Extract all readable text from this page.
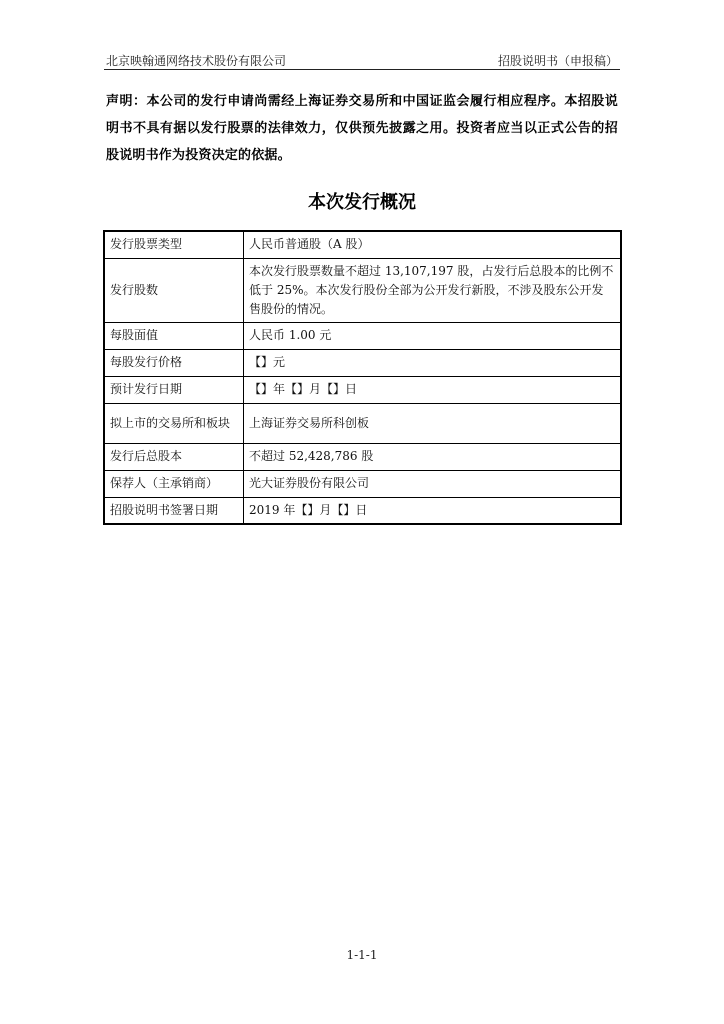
北京映翰通网络技术股份有限公司	招股说明书（申报稿）
声明：本公司的发行申请尚需经上海证券交易所和中国证监会履行相应程序。本招股说明书不具有据以发行股票的法律效力，仅供预先披露之用。投资者应当以正式公告的招股说明书作为投资决定的依据。
本次发行概况
发行股票类型	人民币普通股（A 股）
发行股数	本次发行股票数量不超过 13,107,197 股，占发行后总股本的比例不低于 25%。本次发行股份全部为公开发行新股，不涉及股东公开发售股份的情况。
每股面值	人民币 1.00 元
每股发行价格	【】元
预计发行日期	【】年【】月【】日
拟上市的交易所和板块	上海证券交易所科创板
发行后总股本	不超过 52,428,786 股
保荐人（主承销商）	光大证券股份有限公司
招股说明书签署日期	2019 年【】月【】日
1-1-1
